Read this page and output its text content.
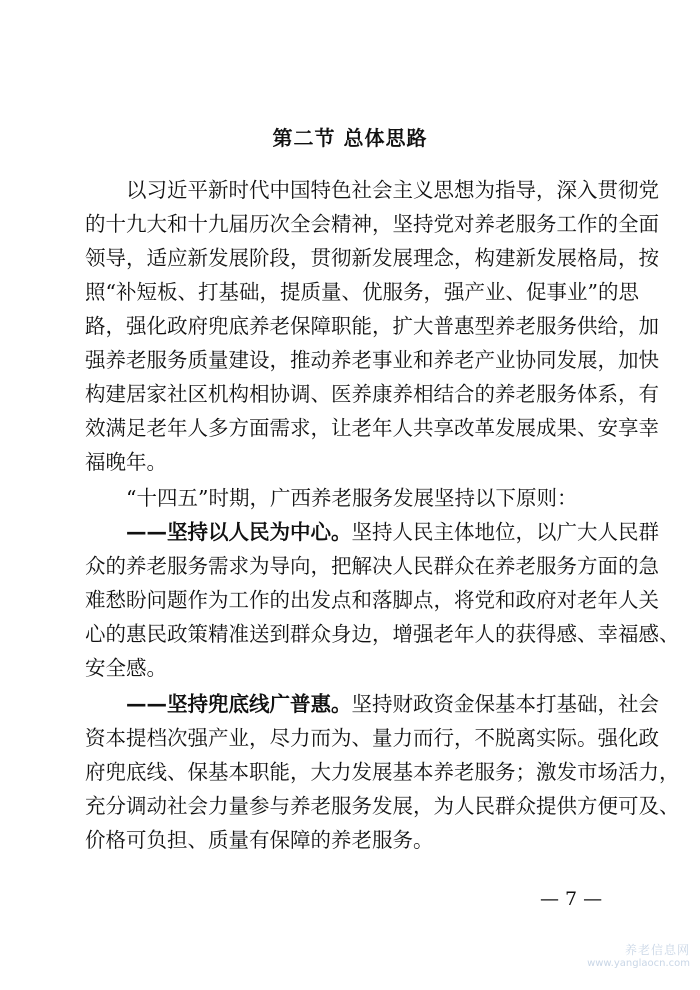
第二节 总体思路
以习近平新时代中国特色社会主义思想为指导，深入贯彻党
的十九大和十九届历次全会精神，坚持党对养老服务工作的全面
领导，适应新发展阶段，贯彻新发展理念，构建新发展格局，按
照“补短板、打基础，提质量、优服务，强产业、促事业”的思
路，强化政府兜底养老保障职能，扩大普惠型养老服务供给，加
强养老服务质量建设，推动养老事业和养老产业协同发展，加快
构建居家社区机构相协调、医养康养相结合的养老服务体系，有
效满足老年人多方面需求，让老年人共享改革发展成果、安享幸
福晚年。
“十四五”时期，广西养老服务发展坚持以下原则：
——坚持以人民为中心。坚持人民主体地位，以广大人民群
众的养老服务需求为导向，把解决人民群众在养老服务方面的急
难愁盼问题作为工作的出发点和落脚点，将党和政府对老年人关
心的惠民政策精准送到群众身边，增强老年人的获得感、幸福感、
安全感。
——坚持兜底线广普惠。坚持财政资金保基本打基础，社会
资本提档次强产业，尽力而为、量力而行，不脱离实际。强化政
府兜底线、保基本职能，大力发展基本养老服务；激发市场活力，
充分调动社会力量参与养老服务发展，为人民群众提供方便可及、
价格可负担、质量有保障的养老服务。
— 7 —
养老信息网
www.yanglaocn.com
